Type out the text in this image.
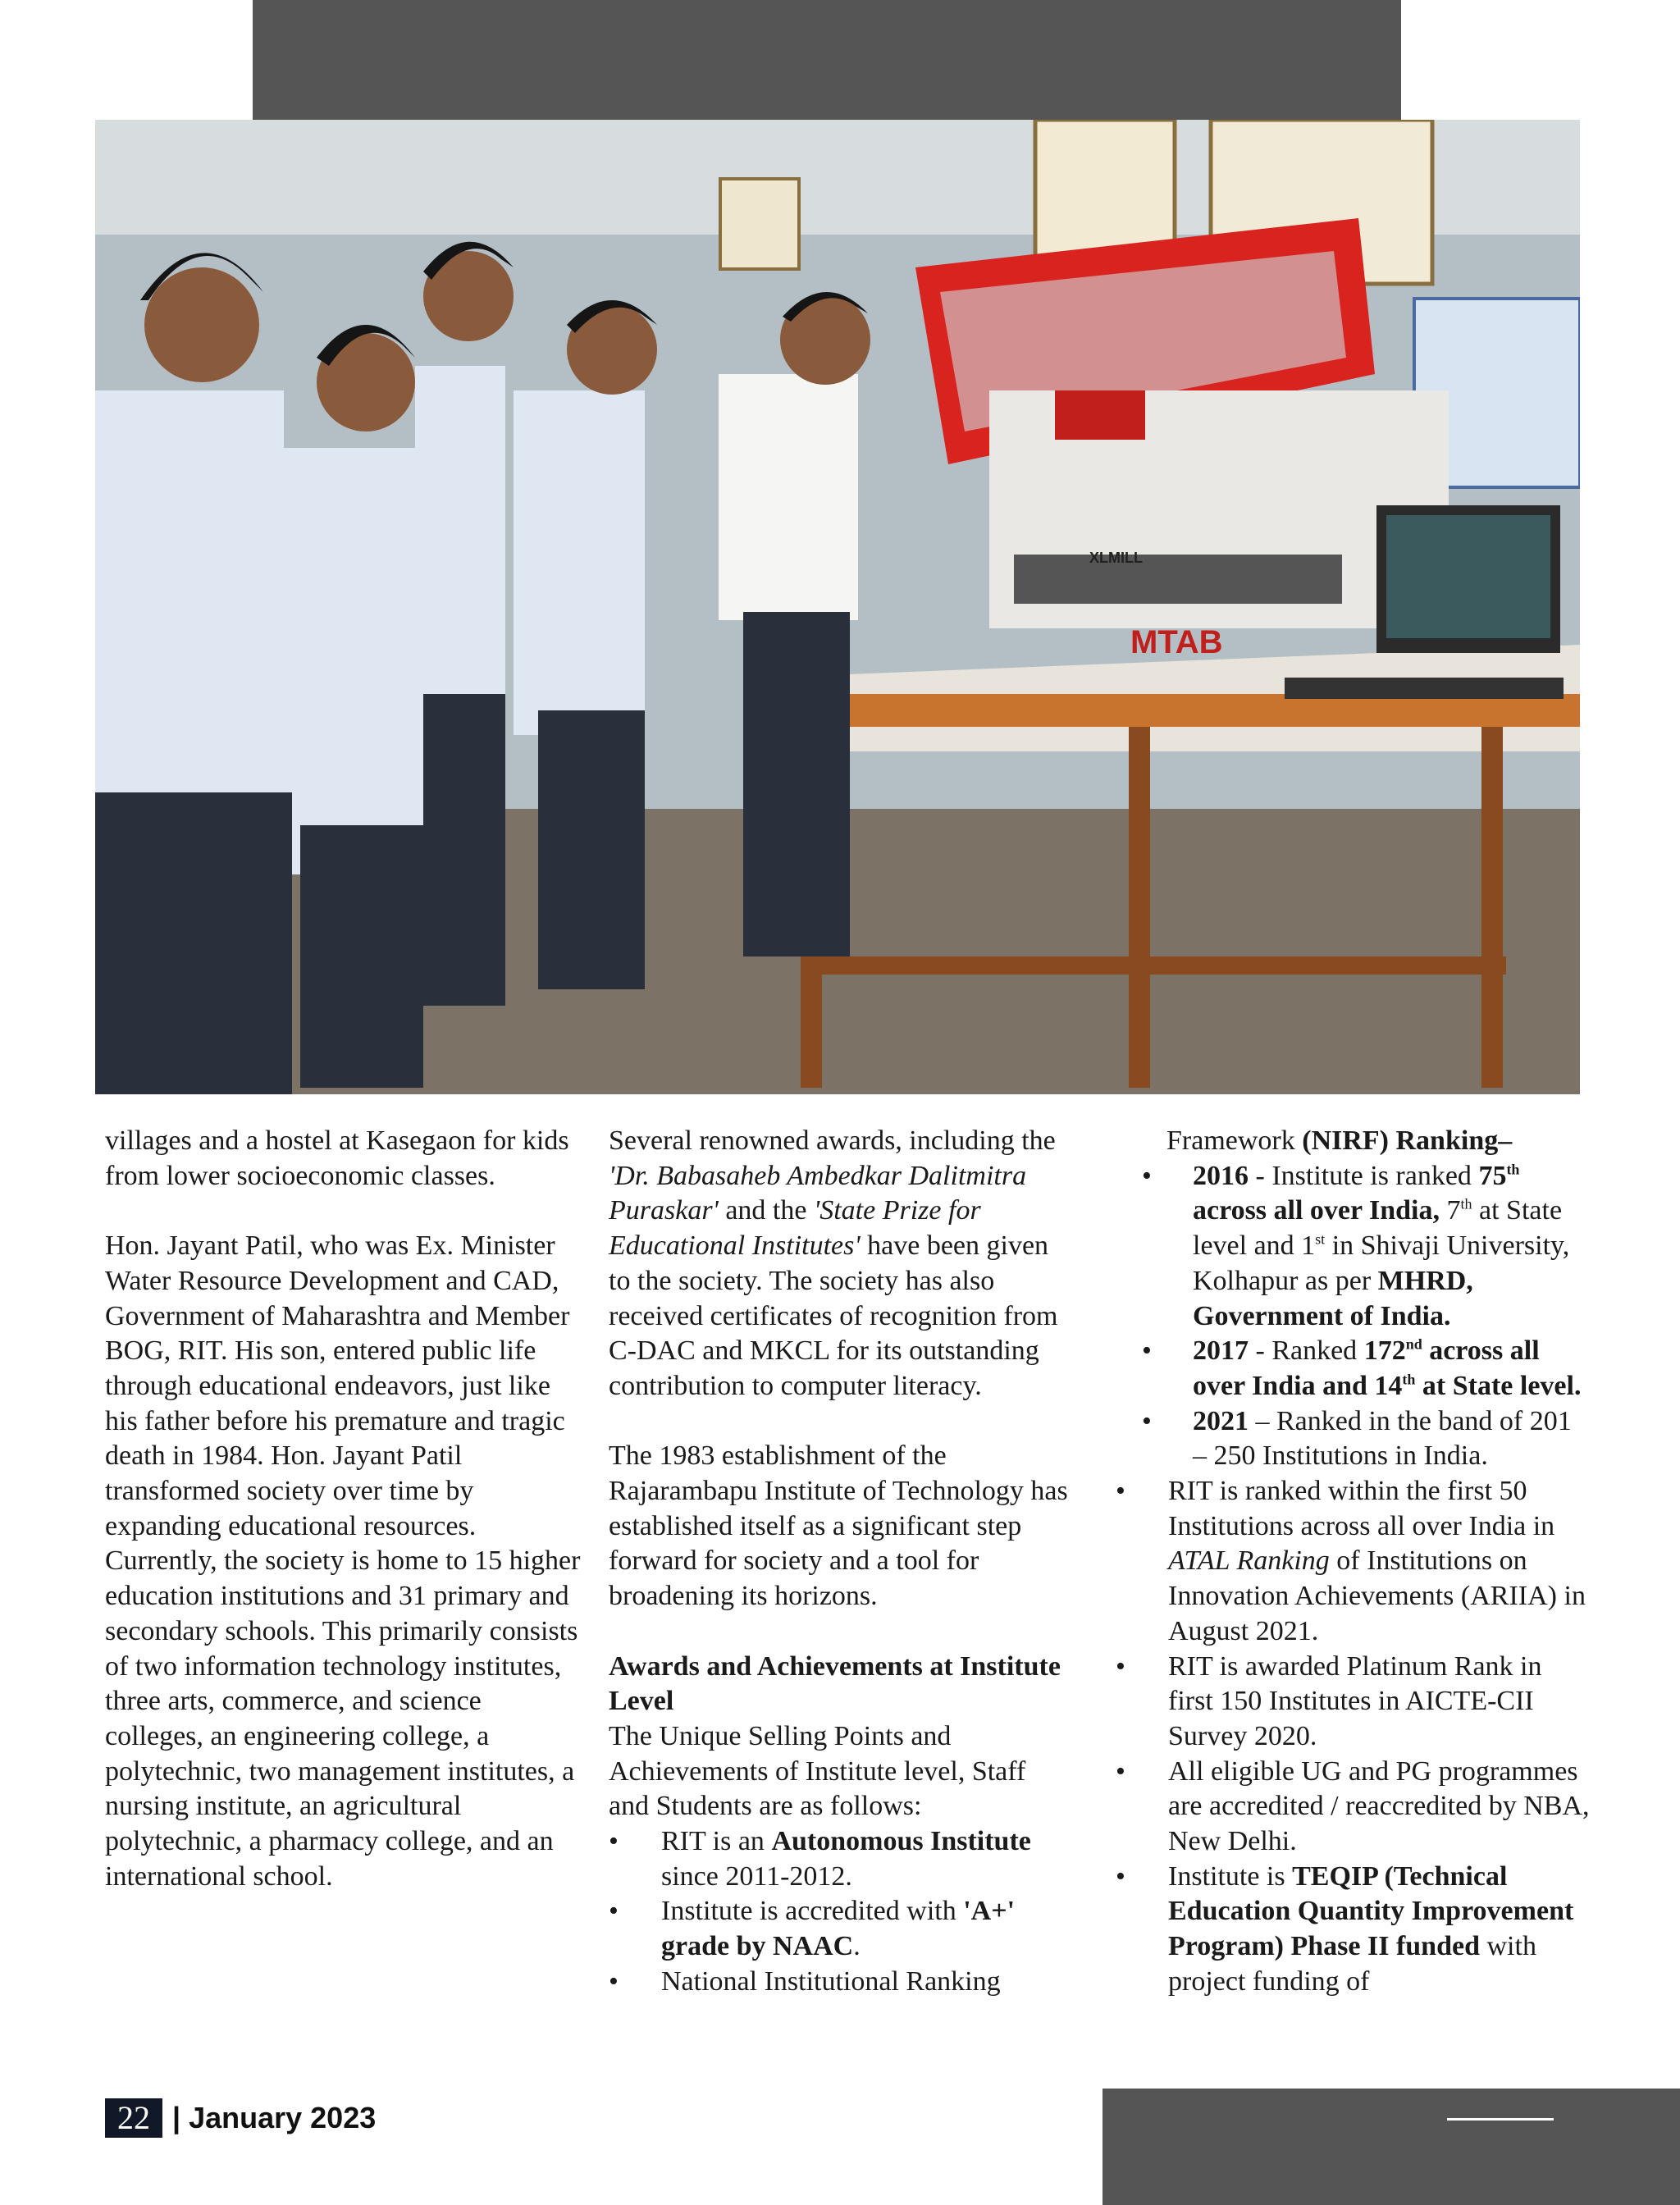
MTAB
XLMILL

villages and a hostel at Kasegaon for kids from lower socioeconomic classes.

Hon. Jayant Patil, who was Ex. Minister Water Resource Development and CAD, Government of Maharashtra and Member BOG, RIT. His son, entered public life through educational endeavors, just like his father before his premature and tragic death in 1984. Hon. Jayant Patil transformed society over time by expanding educational resources. Currently, the society is home to 15 higher education institutions and 31 primary and secondary schools. This primarily consists of two information technology institutes, three arts, commerce, and science colleges, an engineering college, a polytechnic, two management institutes, a nursing institute, an agricultural polytechnic, a pharmacy college, and an international school.

Several renowned awards, including the 'Dr. Babasaheb Ambedkar Dalitmitra Puraskar' and the 'State Prize for Educational Institutes' have been given to the society. The society has also received certificates of recognition from C-DAC and MKCL for its outstanding contribution to computer literacy.

The 1983 establishment of the Rajarambapu Institute of Technology has established itself as a significant step forward for society and a tool for broadening its horizons.

Awards and Achievements at Institute Level

The Unique Selling Points and Achievements of Institute level, Staff and Students are as follows:

• RIT is an Autonomous Institute since 2011-2012.
• Institute is accredited with 'A+' grade by NAAC.
• National Institutional Ranking

Framework (NIRF) Ranking–

• 2016 - Institute is ranked 75th across all over India, 7th at State level and 1st in Shivaji University, Kolhapur as per MHRD, Government of India.
• 2017 - Ranked 172nd across all over India and 14th at State level.
• 2021 – Ranked in the band of 201 – 250 Institutions in India.
• RIT is ranked within the first 50 Institutions across all over India in ATAL Ranking of Institutions on Innovation Achievements (ARIIA) in August 2021.
• RIT is awarded Platinum Rank in first 150 Institutes in AICTE-CII Survey 2020.
• All eligible UG and PG programmes are accredited / reaccredited by NBA, New Delhi.
• Institute is TEQIP (Technical Education Quantity Improvement Program) Phase II funded with project funding of
22 | January 2023
